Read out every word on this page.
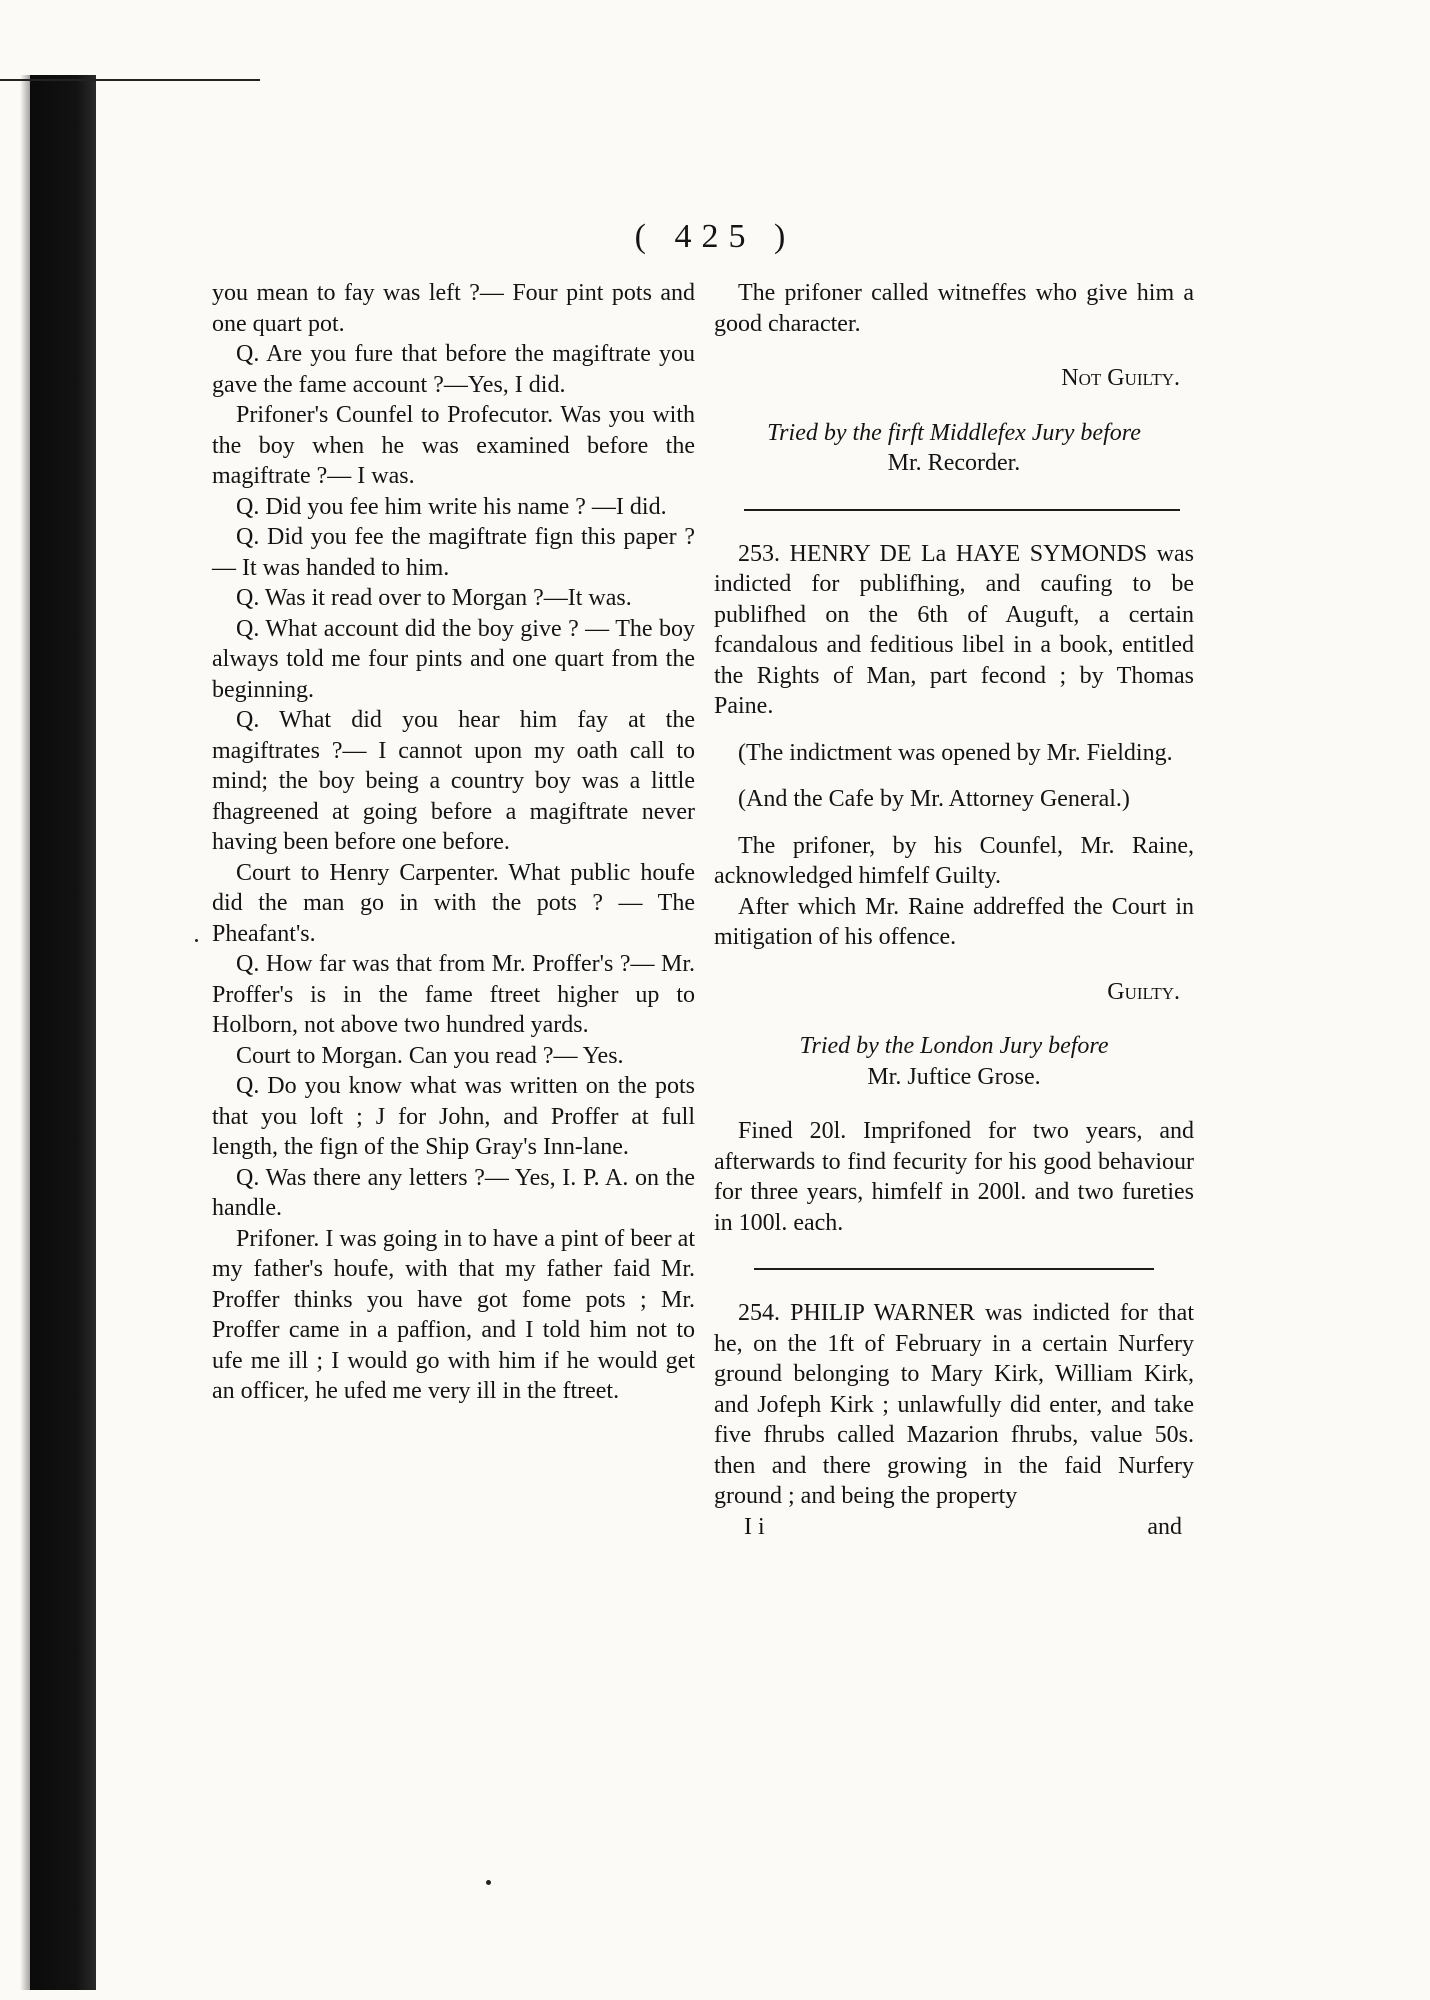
( 425 )

you mean to fay was left ?— Four pint pots and one quart pot.

Q. Are you fure that before the magiftrate you gave the fame account ?—Yes, I did.

Prifoner's Counfel to Profecutor. Was you with the boy when he was examined before the magiftrate ?— I was.

Q. Did you fee him write his name ? —I did.

Q. Did you fee the magiftrate fign this paper ?— It was handed to him.

Q. Was it read over to Morgan ?—It was.

Q. What account did the boy give ? — The boy always told me four pints and one quart from the beginning.

Q. What did you hear him fay at the magiftrates ?— I cannot upon my oath call to mind; the boy being a country boy was a little fhagreened at going before a magiftrate never having been before one before.

Court to Henry Carpenter. What public houfe did the man go in with the pots ? — The Pheafant's.

Q. How far was that from Mr. Proffer's ?— Mr. Proffer's is in the fame ftreet higher up to Holborn, not above two hundred yards.

Court to Morgan. Can you read ?— Yes.

Q. Do you know what was written on the pots that you loft ; J for John, and Proffer at full length, the fign of the Ship Gray's Inn-lane.

Q. Was there any letters ?— Yes, I. P. A. on the handle.

Prifoner. I was going in to have a pint of beer at my father's houfe, with that my father faid Mr. Proffer thinks you have got fome pots ; Mr. Proffer came in a paffion, and I told him not to ufe me ill ; I would go with him if he would get an officer, he ufed me very ill in the ftreet.

The prifoner called witneffes who give him a good character.

Not Guilty.

Tried by the firft Middlefex Jury before

Mr. Recorder.

253. HENRY DE La HAYE SYMONDS was indicted for publifhing, and caufing to be publifhed on the 6th of Auguft, a certain fcandalous and feditious libel in a book, entitled the Rights of Man, part fecond ; by Thomas Paine.

(The indictment was opened by Mr. Fielding.

(And the Cafe by Mr. Attorney General.)

The prifoner, by his Counfel, Mr. Raine, acknowledged himfelf Guilty.

After which Mr. Raine addreffed the Court in mitigation of his offence.

Guilty.

Tried by the London Jury before

Mr. Juftice Grose.

Fined 20l. Imprifoned for two years, and afterwards to find fecurity for his good behaviour for three years, himfelf in 200l. and two fureties in 100l. each.

254. PHILIP WARNER was indicted for that he, on the 1ft of February in a certain Nurfery ground belonging to Mary Kirk, William Kirk, and Jofeph Kirk ; unlawfully did enter, and take five fhrubs called Mazarion fhrubs, value 50s. then and there growing in the faid Nurfery ground ; and being the property

I i	and
